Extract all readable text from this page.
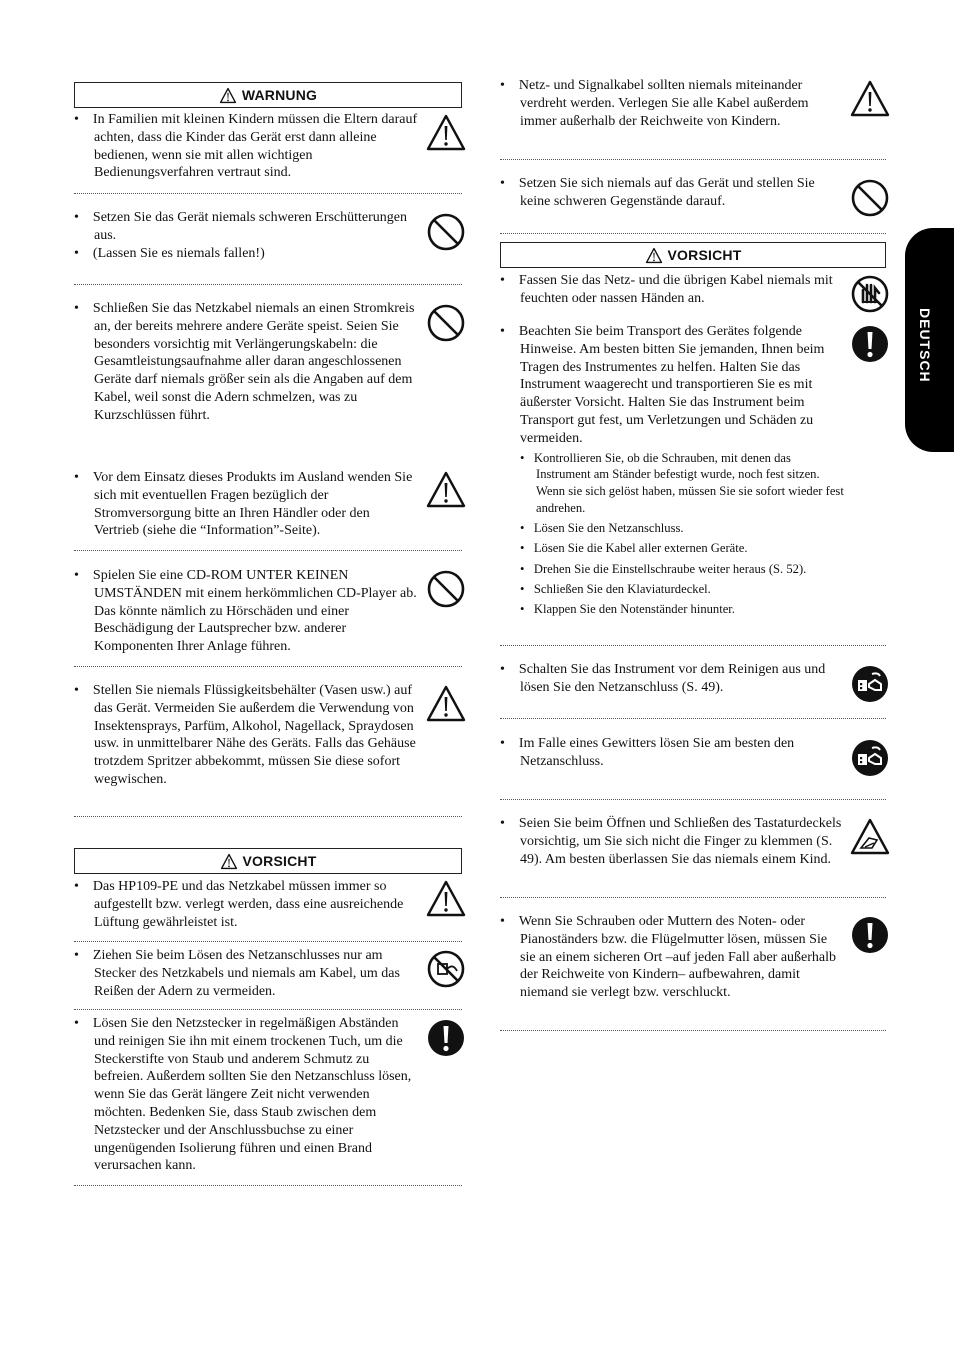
WARNUNG

• In Familien mit kleinen Kindern müssen die Eltern darauf achten, dass die Kinder das Gerät erst dann alleine bedienen, wenn sie mit allen wichtigen Bedienungsverfahren vertraut sind.

• Setzen Sie das Gerät niemals schweren Erschütterungen aus.

• (Lassen Sie es niemals fallen!)

• Schließen Sie das Netzkabel niemals an einen Stromkreis an, der bereits mehrere andere Geräte speist. Seien Sie besonders vorsichtig mit Verlängerungskabeln: die Gesamtleistungsaufnahme aller daran angeschlossenen Geräte darf niemals größer sein als die Angaben auf dem Kabel, weil sonst die Adern schmelzen, was zu Kurzschlüssen führt.

• Vor dem Einsatz dieses Produkts im Ausland wenden Sie sich mit eventuellen Fragen bezüglich der Stromversorgung bitte an Ihren Händler oder den Vertrieb (siehe die “Information”-Seite).

• Spielen Sie eine CD-ROM UNTER KEINEN UMSTÄNDEN mit einem herkömmlichen CD-Player ab. Das könnte nämlich zu Hörschäden und einer Beschädigung der Lautsprecher bzw. anderer Komponenten Ihrer Anlage führen.

• Stellen Sie niemals Flüssigkeitsbehälter (Vasen usw.) auf das Gerät. Vermeiden Sie außerdem die Verwendung von Insektensprays, Parfüm, Alkohol, Nagellack, Spraydosen usw. in unmittelbarer Nähe des Geräts. Falls das Gehäuse trotzdem Spritzer abbekommt, müssen Sie diese sofort wegwischen.

VORSICHT

• Das HP109-PE und das Netzkabel müssen immer so aufgestellt bzw. verlegt werden, dass eine ausreichende Lüftung gewährleistet ist.

• Ziehen Sie beim Lösen des Netzanschlusses nur am Stecker des Netzkabels und niemals am Kabel, um das Reißen der Adern zu vermeiden.

• Lösen Sie den Netzstecker in regelmäßigen Abständen und reinigen Sie ihn mit einem trockenen Tuch, um die Steckerstifte von Staub und anderem Schmutz zu befreien. Außerdem sollten Sie den Netzanschluss lösen, wenn Sie das Gerät längere Zeit nicht verwenden möchten. Bedenken Sie, dass Staub zwischen dem Netzstecker und der Anschlussbuchse zu einer ungenügenden Isolierung führen und einen Brand verursachen kann.

• Netz- und Signalkabel sollten niemals miteinander verdreht werden. Verlegen Sie alle Kabel außerdem immer außerhalb der Reichweite von Kindern.

• Setzen Sie sich niemals auf das Gerät und stellen Sie keine schweren Gegenstände darauf.

VORSICHT

• Fassen Sie das Netz- und die übrigen Kabel niemals mit feuchten oder nassen Händen an.

• Beachten Sie beim Transport des Gerätes folgende Hinweise. Am besten bitten Sie jemanden, Ihnen beim Tragen des Instrumentes zu helfen. Halten Sie das Instrument waagerecht und transportieren Sie es mit äußerster Vorsicht. Halten Sie das Instrument beim Transport gut fest, um Verletzungen und Schäden zu vermeiden.

•   Kontrollieren Sie, ob die Schrauben, mit denen das Instrument am Ständer befestigt wurde, noch fest sitzen. Wenn sie sich gelöst haben, müssen Sie sie sofort wieder fest andrehen.
•   Lösen Sie den Netzanschluss.
•   Lösen Sie die Kabel aller externen Geräte.
•   Drehen Sie die Einstellschraube weiter heraus (S. 52).
•   Schließen Sie den Klaviaturdeckel.
•   Klappen Sie den Notenständer hinunter.

• Schalten Sie das Instrument vor dem Reinigen aus und lösen Sie den Netzanschluss (S. 49).

• Im Falle eines Gewitters lösen Sie am besten den Netzanschluss.

• Seien Sie beim Öffnen und Schließen des Tastaturdeckels vorsichtig, um Sie sich nicht die Finger zu klemmen (S. 49). Am besten überlassen Sie das niemals einem Kind.

• Wenn Sie Schrauben oder Muttern des Noten- oder Pianoständers bzw. die Flügelmutter lösen, müssen Sie sie an einem sicheren Ort –auf jeden Fall aber außerhalb der Reichweite von Kindern– aufbewahren, damit niemand sie verlegt bzw. verschluckt.

DEUTSCH
